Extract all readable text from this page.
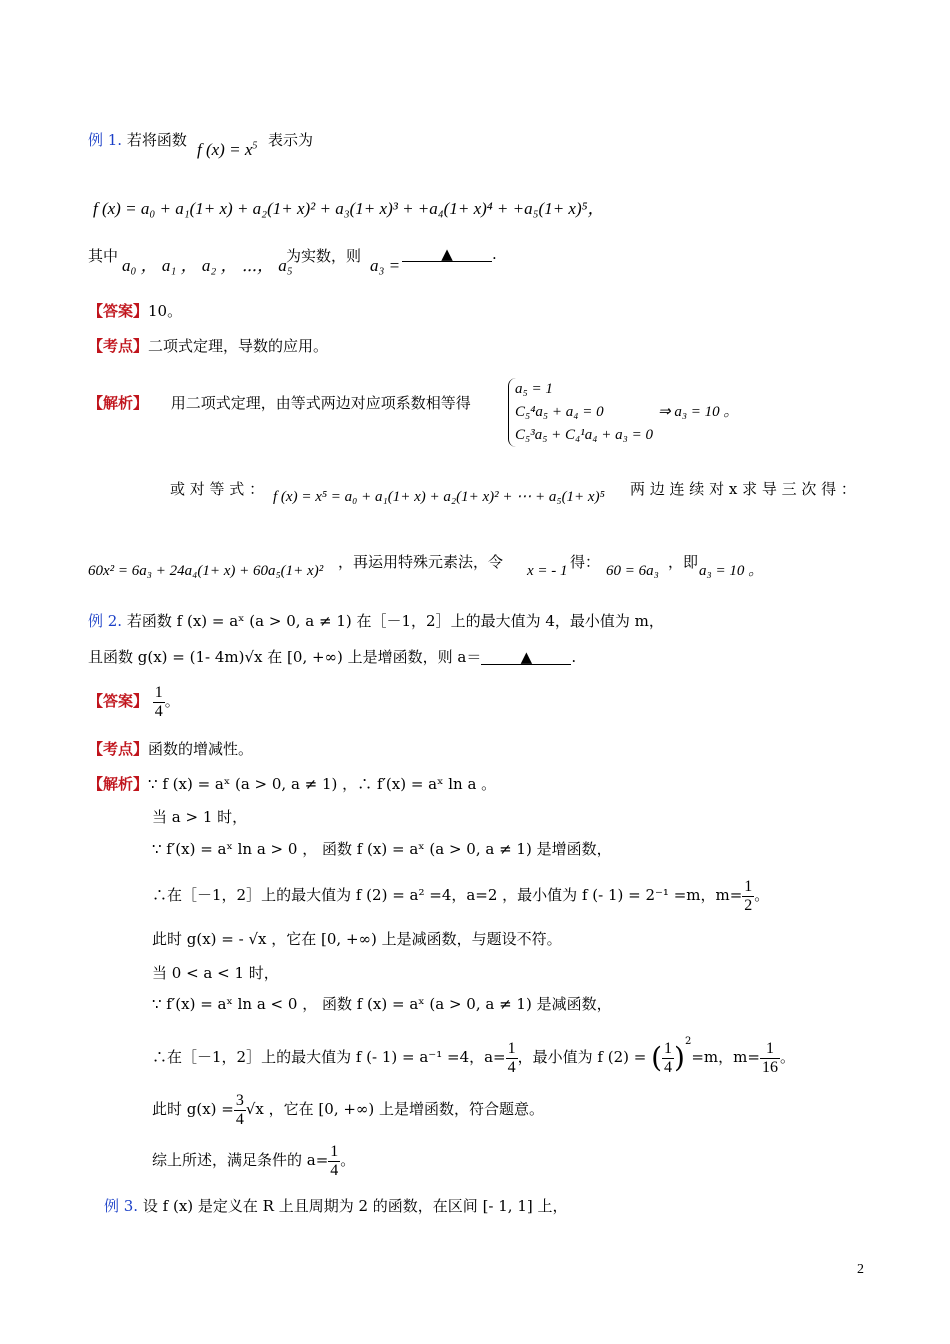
例 1. 若将函数 f $(x) = x^5$ 表示为
f (x) = a₀ + a₁(1+ x) + a₂(1+ x)² + a₃(1+ x)³ + +a₄(1+ x)⁴ + +a₅(1+ x)⁵，
其中 a₀ ， a₁ ， a₂ ， ⋯， a₅
为实数，则 a₃ =
▲	.
【答案】10。
【考点】二项式定理，导数的应用。
【解析】 用二项式定理，由等式两边对应项系数相等得
a₅ = 1
C₅⁴a₅ + a₄ = 0
C₅³a₅ + C₄¹a₄ + a₃ = 0
⇒ a₃ = 10 。
或 对 等 式 ： f (x) = x⁵ = a₀ + a₁(1+ x) + a₂(1+ x)² + ⋯ + a₅(1+ x)⁵ 两 边 连 续 对 x 求 导 三 次 得 ：
60x² = 6a₃ + 24a₄(1+ x) + 60a₅(1+ x)² ，再运用特殊元素法，令 x = - 1 得： 60 = 6a₃ ，即 a₃ = 10 。
例 2. 若函数 f (x) = aˣ (a > 0, a ≠ 1) 在［－1，2］上的最大值为 4，最小值为 m，
且函数 g(x) = (1- 4m)√x 在 [0, +∞) 上是增函数，则 a＝	▲	.
【答案】 $\frac{1}{4}$ 。
【考点】函数的增减性。
【解析】∵ f (x) = aˣ (a > 0, a ≠ 1) ，∴ f′(x) = aˣ ln a 。
当 a > 1 时，
∵ f′(x) = aˣ ln a > 0 ， 函数 f (x) = aˣ (a > 0, a ≠ 1) 是增函数，
∴在［－1，2］上的最大值为 f (2) = a² =4，a=2 ，最小值为 f (- 1) = 2⁻¹ =m，$m= \frac{1}{2}$ 。
此时 g(x) = - √x ，它在 [0, +∞) 上是减函数，与题设不符。
当 0 < a < 1 时，
∵ f′(x) = aˣ ln a < 0 ， 函数 f (x) = aˣ (a > 0, a ≠ 1) 是减函数，
∴在［－1，2］上的最大值为 f (- 1) = a⁻¹ =4，$a= \frac{1}{4}$ ，最小值为 f (2) = ( $\frac{1}{4} )^2=m$，$m= \frac{1}{16}$ 。
此时 $g(x) = \frac{3}{4} √x$ ，它在 [0, +∞) 上是增函数，符合题意。
综上所述，满足条件的 $a= \frac{1}{4}$ 。
例 3. 设 f (x) 是定义在 R 上且周期为 2 的函数，在区间 [- 1, 1] 上，
2
